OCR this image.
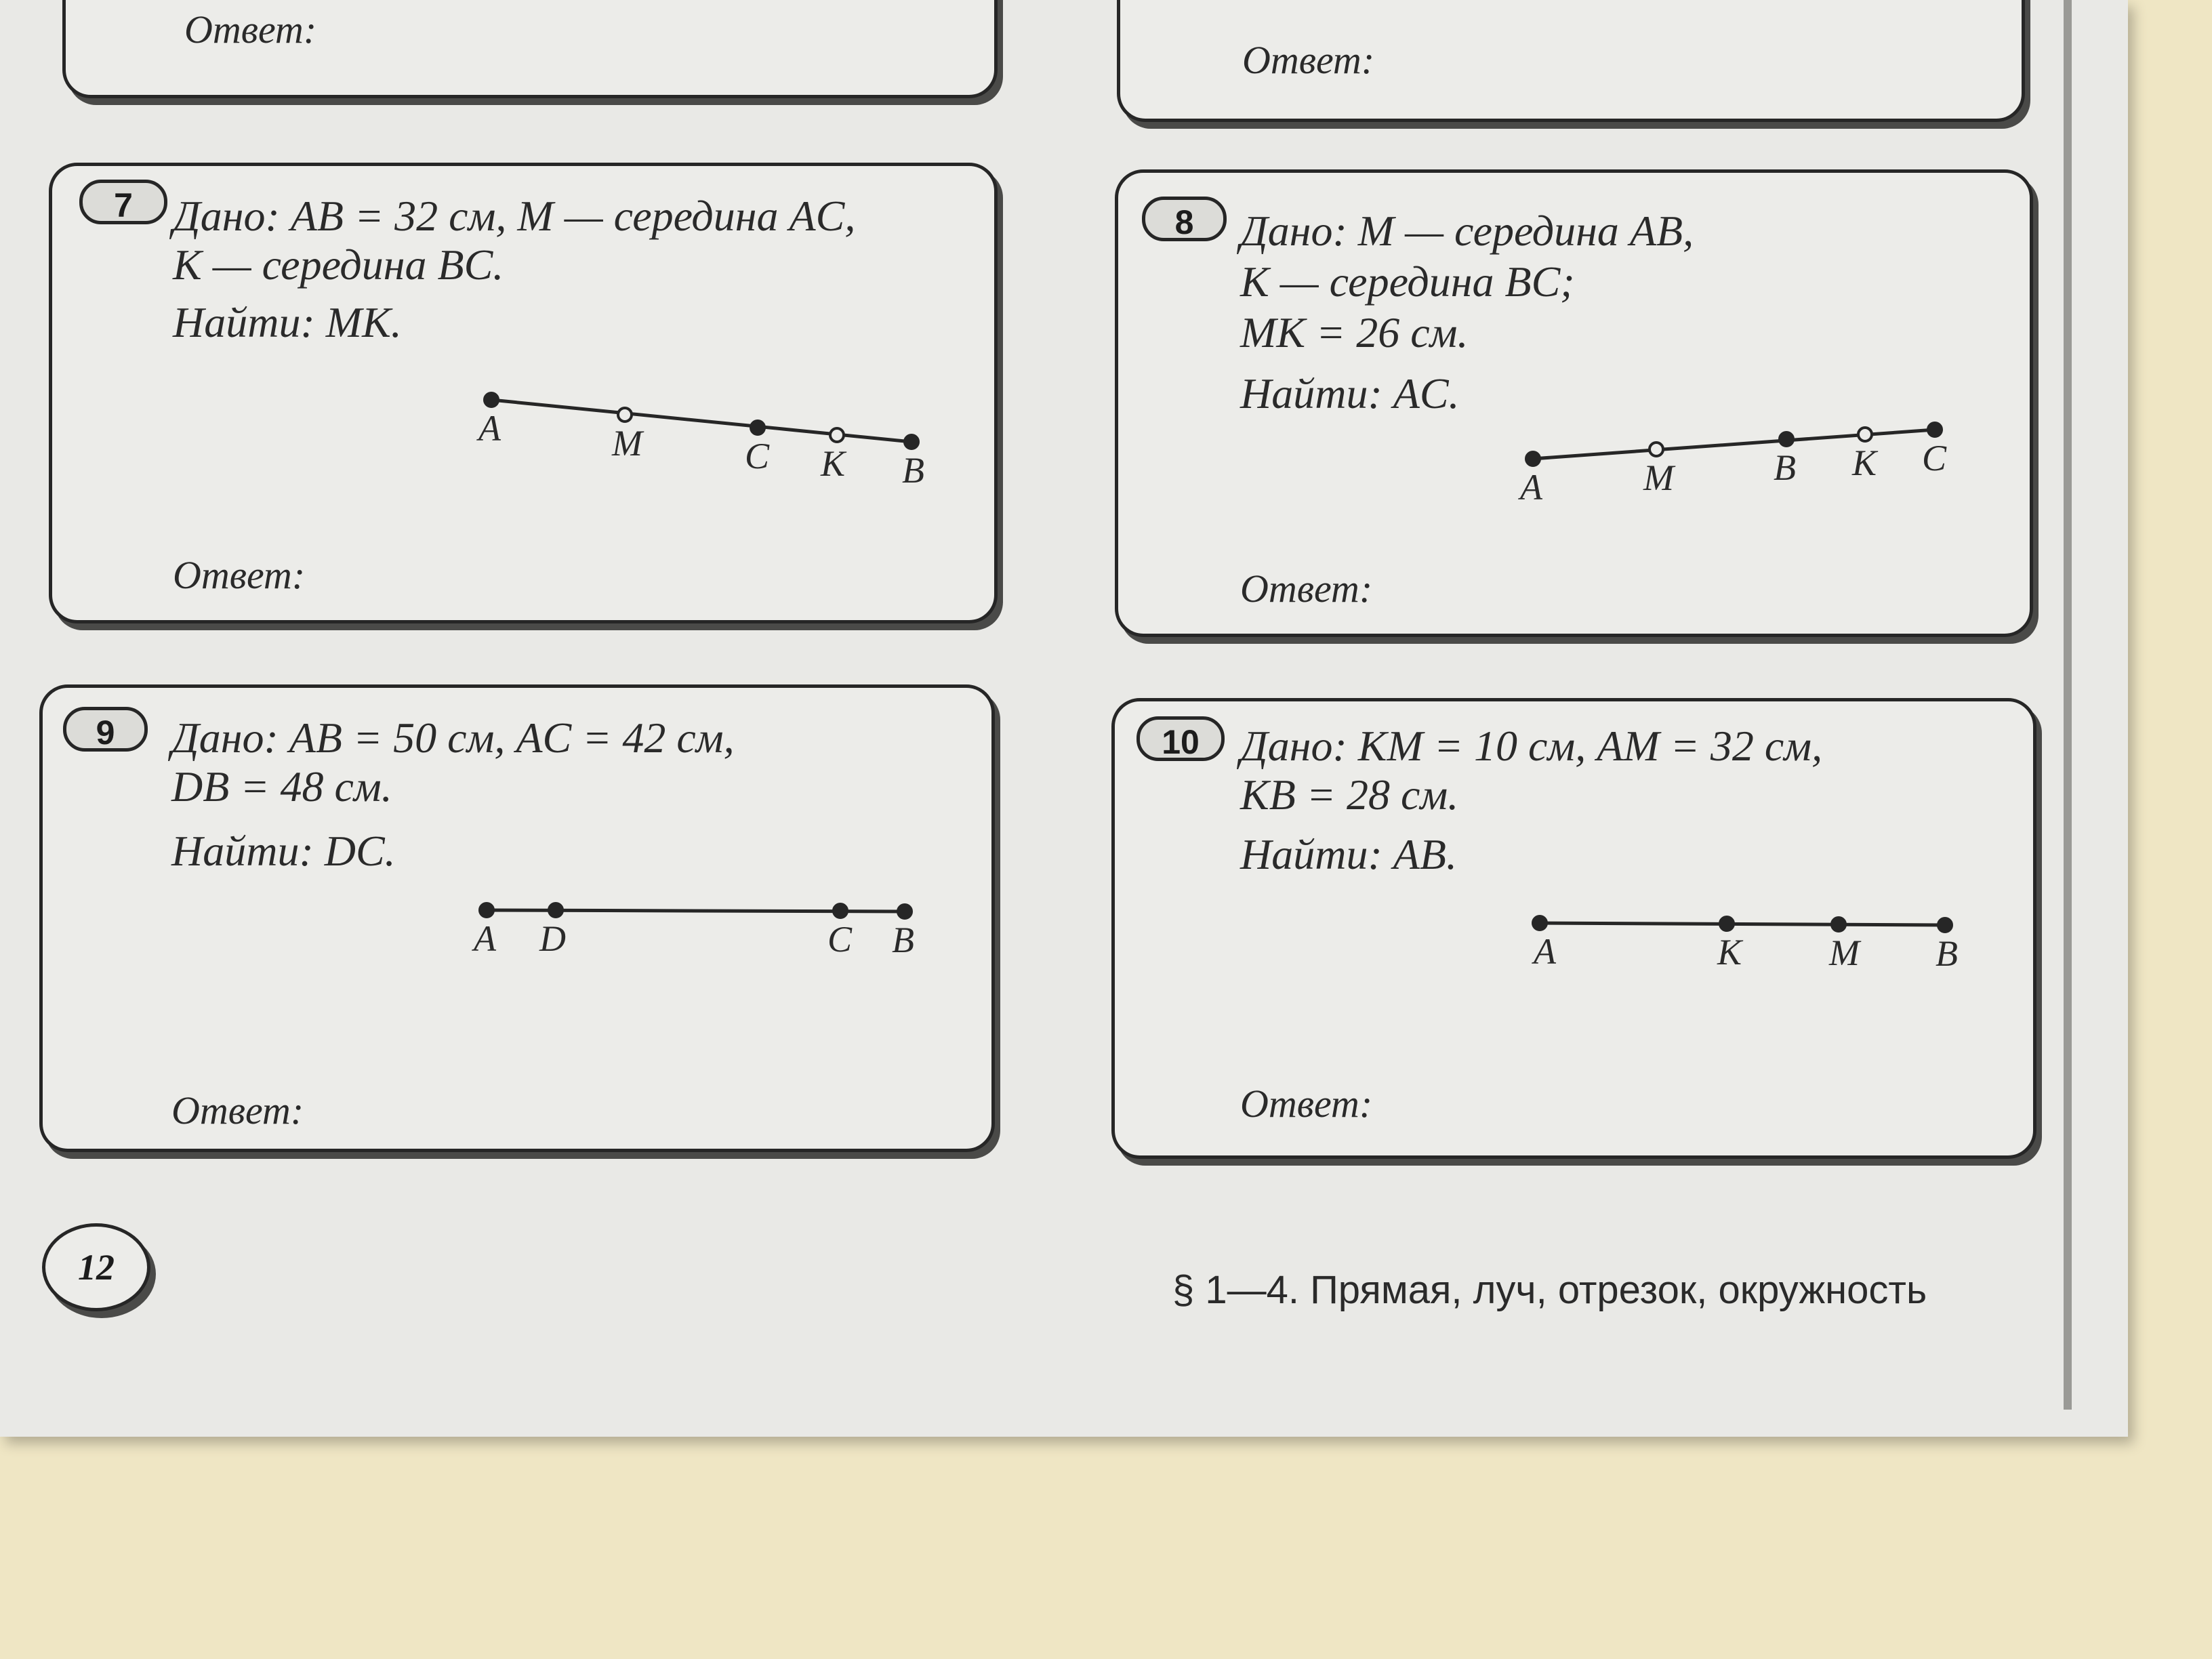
Ответ:
Ответ:
7 Дано: AB = 32 см, M — середина AC,
K — середина BC.
Найти: MK.
Ответ:
8	Дано: M — середина AB,
K — середина BC;
MK = 26 см.
Найти: AC.
Ответ:
9	Дано: AB = 50 см, AC = 42 см,
DB = 48 см.
Найти: DC.
Ответ:
10 Дано: KM = 10 см, AM = 32 см,
KB = 28 см.
Найти: AB.
Ответ:
A	M	C K B	A	M	B K C
A D	C B	A	K M B
12
§ 1—4. Прямая, луч, отрезок, окружность
